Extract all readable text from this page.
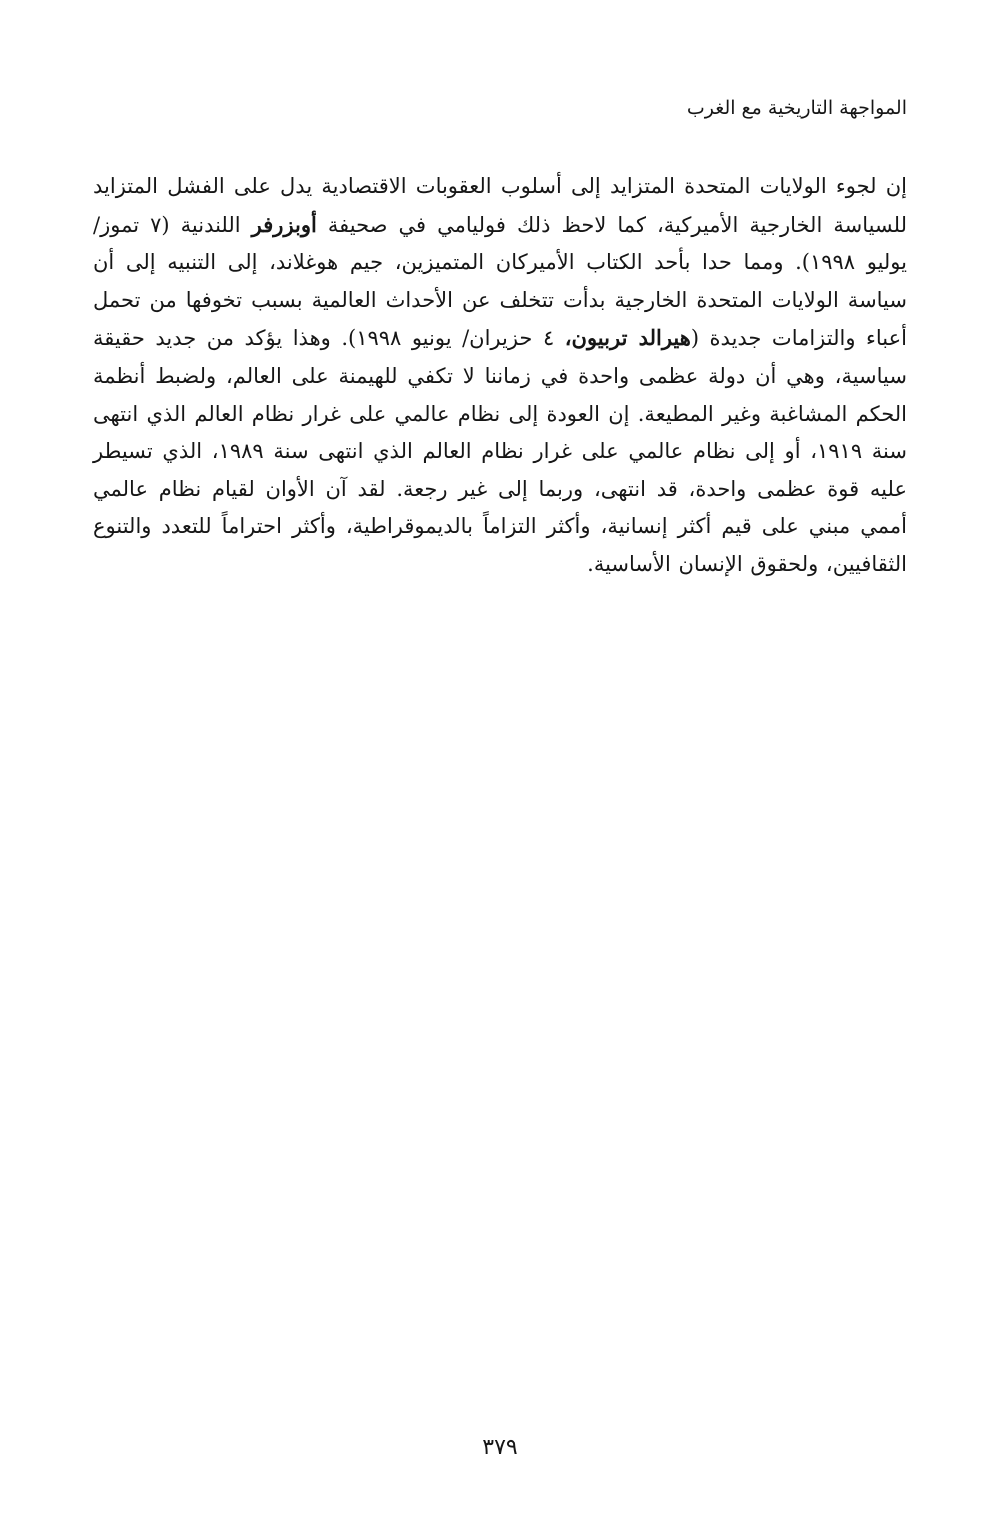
المواجهة التاريخية مع الغرب

إن لجوء الولايات المتحدة المتزايد إلى أسلوب العقوبات الاقتصادية يدل على الفشل المتزايد للسياسة الخارجية الأميركية، كما لاحظ ذلك فوليامي في صحيفة أوبزرفر اللندنية (٧ تموز/ يوليو ١٩٩٨). ومما حدا بأحد الكتاب الأميركان المتميزين، جيم هوغلاند، إلى التنبيه إلى أن سياسة الولايات المتحدة الخارجية بدأت تتخلف عن الأحداث العالمية بسبب تخوفها من تحمل أعباء والتزامات جديدة (هيرالد تربيون، ٤ حزيران/ يونيو ١٩٩٨). وهذا يؤكد من جديد حقيقة سياسية، وهي أن دولة عظمى واحدة في زماننا لا تكفي للهيمنة على العالم، ولضبط أنظمة الحكم المشاغبة وغير المطيعة. إن العودة إلى نظام عالمي على غرار نظام العالم الذي انتهى سنة ١٩١٩، أو إلى نظام عالمي على غرار نظام العالم الذي انتهى سنة ١٩٨٩، الذي تسيطر عليه قوة عظمى واحدة، قد انتهى، وربما إلى غير رجعة. لقد آن الأوان لقيام نظام عالمي أممي مبني على قيم أكثر إنسانية، وأكثر التزاماً بالديموقراطية، وأكثر احتراماً للتعدد والتنوع الثقافيين، ولحقوق الإنسان الأساسية.

٣٧٩
